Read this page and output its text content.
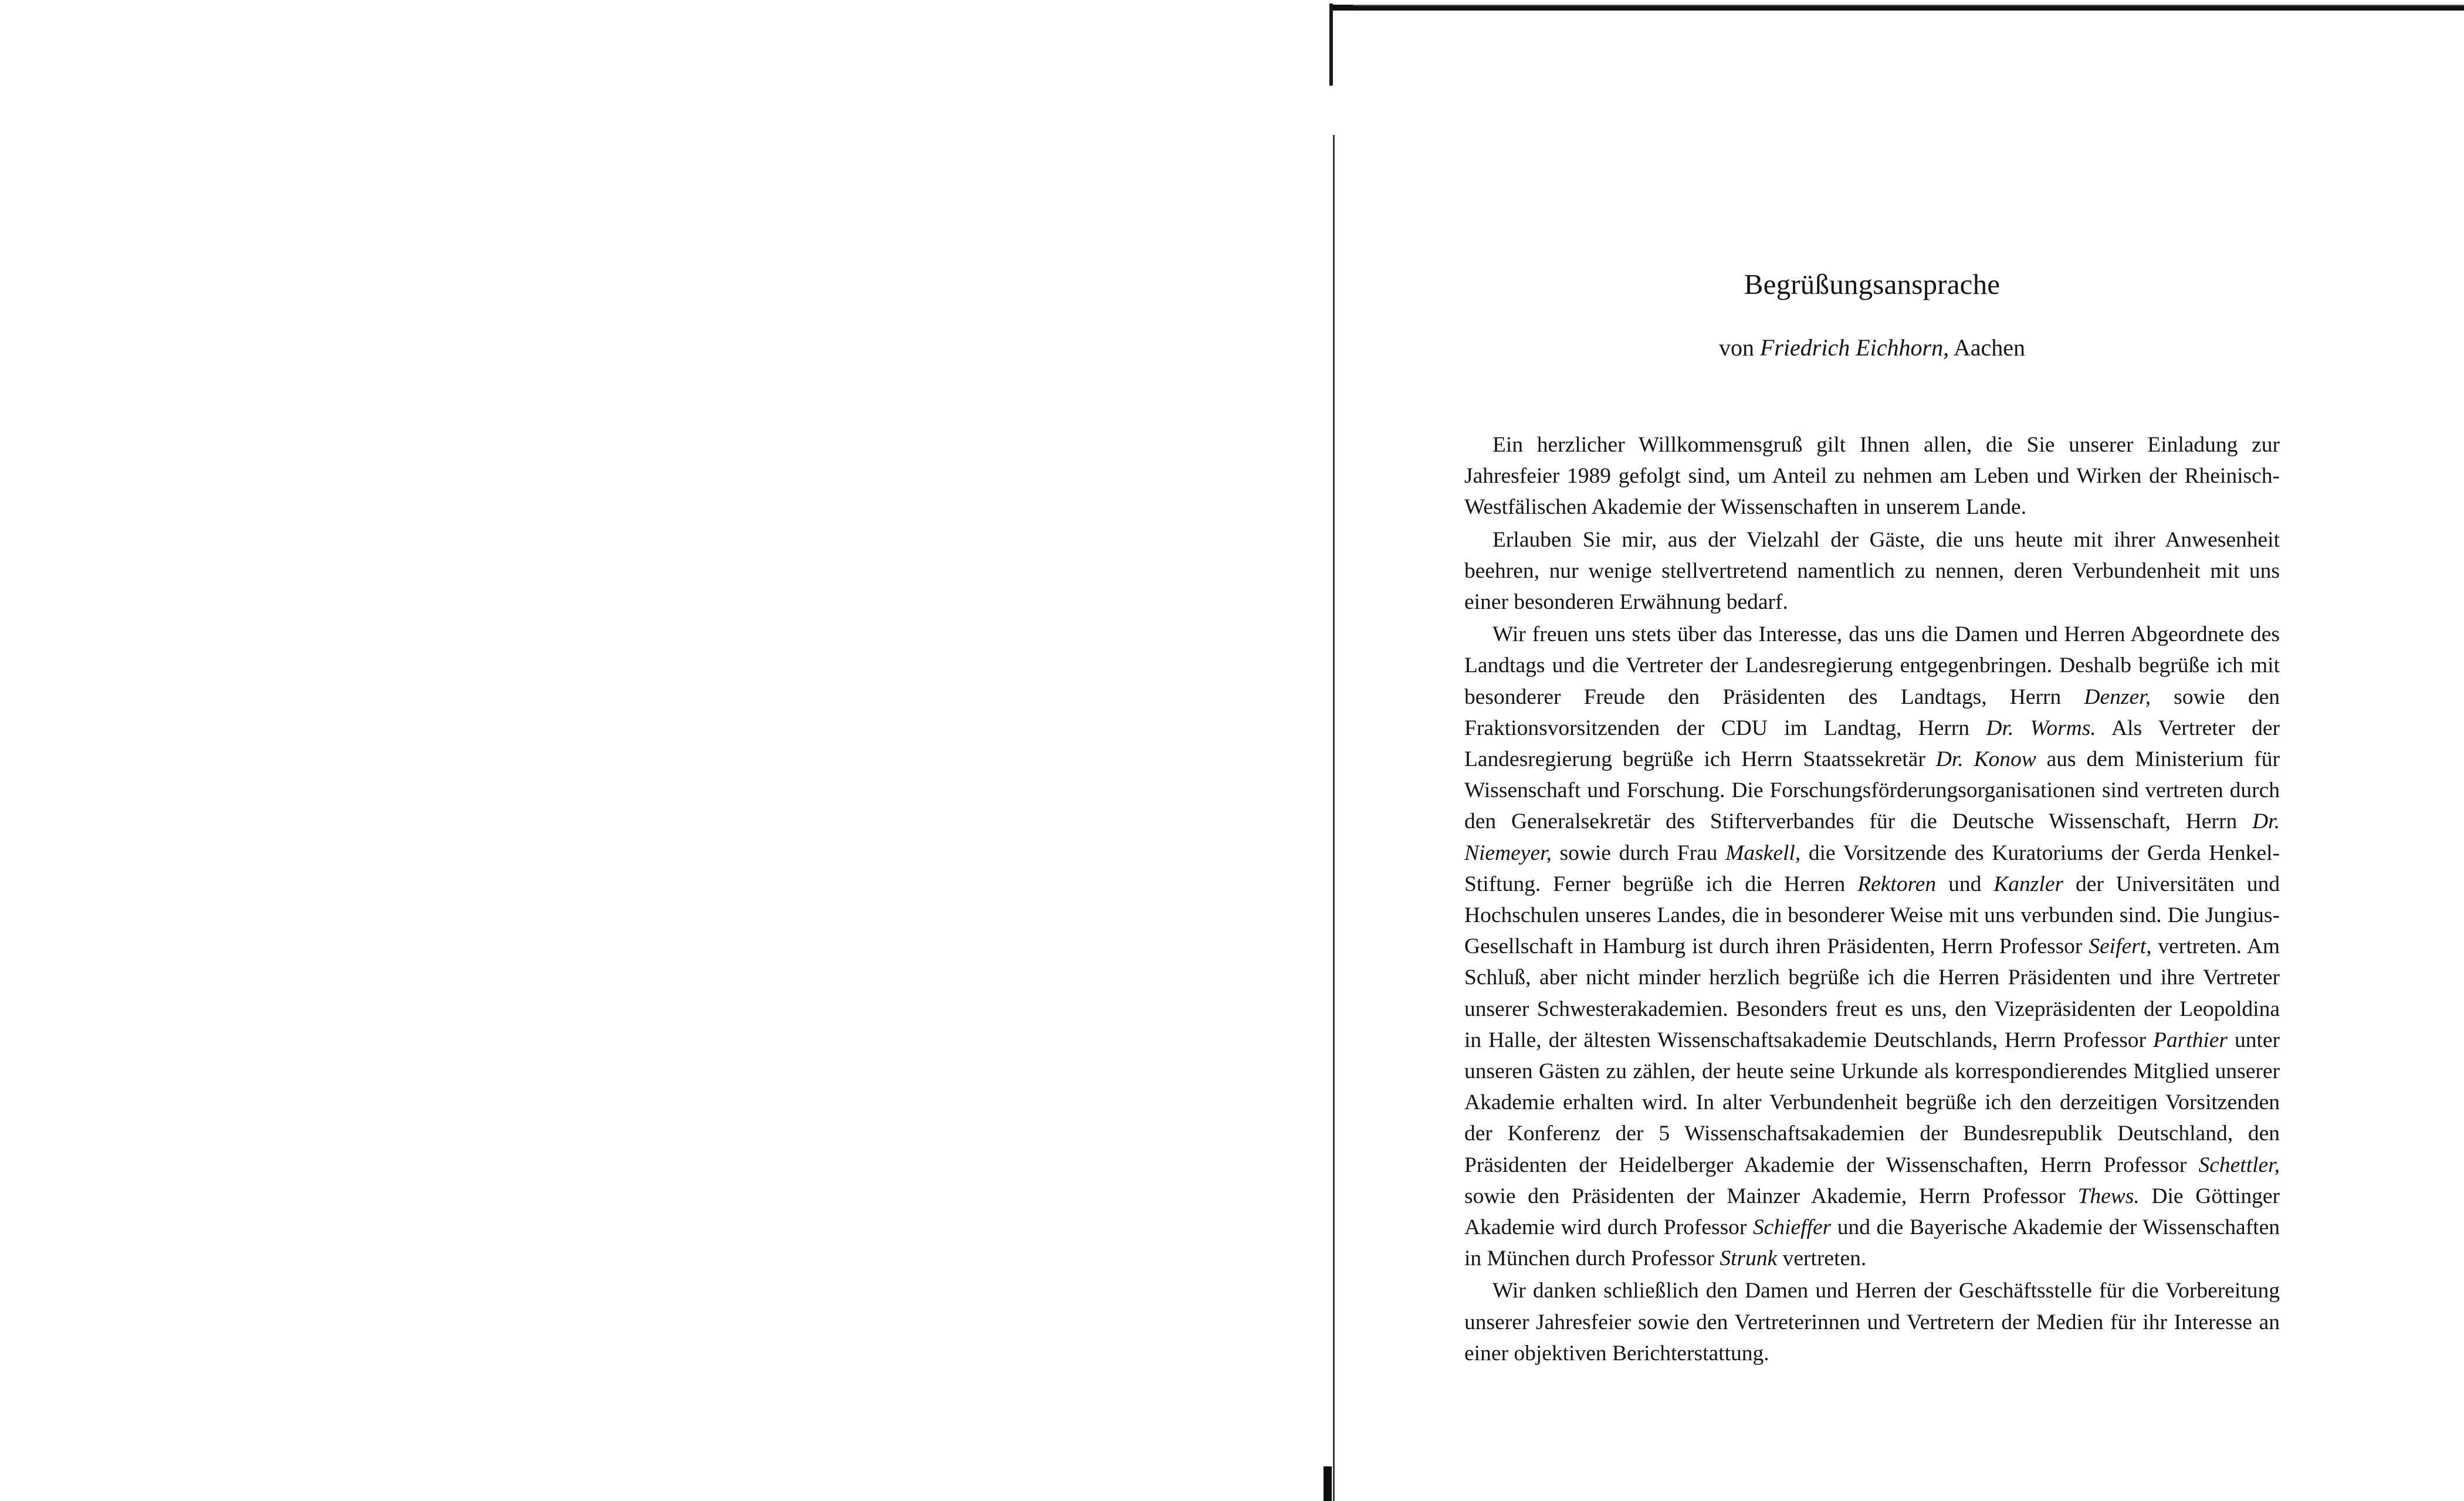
Begrüßungsansprache
von Friedrich Eichhorn, Aachen

Ein herzlicher Willkommensgruß gilt Ihnen allen, die Sie unserer Einladung zur Jahresfeier 1989 gefolgt sind, um Anteil zu nehmen am Leben und Wirken der Rheinisch-Westfälischen Akademie der Wissenschaften in unserem Lande.

Erlauben Sie mir, aus der Vielzahl der Gäste, die uns heute mit ihrer Anwesenheit beehren, nur wenige stellvertretend namentlich zu nennen, deren Verbundenheit mit uns einer besonderen Erwähnung bedarf.

Wir freuen uns stets über das Interesse, das uns die Damen und Herren Abgeordnete des Landtags und die Vertreter der Landesregierung entgegenbringen. Deshalb begrüße ich mit besonderer Freude den Präsidenten des Landtags, Herrn Denzer, sowie den Fraktionsvorsitzenden der CDU im Landtag, Herrn Dr. Worms. Als Vertreter der Landesregierung begrüße ich Herrn Staatssekretär Dr. Konow aus dem Ministerium für Wissenschaft und Forschung. Die Forschungsförderungsorganisationen sind vertreten durch den Generalsekretär des Stifterverbandes für die Deutsche Wissenschaft, Herrn Dr. Niemeyer, sowie durch Frau Maskell, die Vorsitzende des Kuratoriums der Gerda Henkel-Stiftung. Ferner begrüße ich die Herren Rektoren und Kanzler der Universitäten und Hochschulen unseres Landes, die in besonderer Weise mit uns verbunden sind. Die Jungius-Gesellschaft in Hamburg ist durch ihren Präsidenten, Herrn Professor Seifert, vertreten. Am Schluß, aber nicht minder herzlich begrüße ich die Herren Präsidenten und ihre Vertreter unserer Schwesterakademien. Besonders freut es uns, den Vizepräsidenten der Leopoldina in Halle, der ältesten Wissenschaftsakademie Deutschlands, Herrn Professor Parthier unter unseren Gästen zu zählen, der heute seine Urkunde als korrespondierendes Mitglied unserer Akademie erhalten wird. In alter Verbundenheit begrüße ich den derzeitigen Vorsitzenden der Konferenz der 5 Wissenschaftsakademien der Bundesrepublik Deutschland, den Präsidenten der Heidelberger Akademie der Wissenschaften, Herrn Professor Schettler, sowie den Präsidenten der Mainzer Akademie, Herrn Professor Thews. Die Göttinger Akademie wird durch Professor Schieffer und die Bayerische Akademie der Wissenschaften in München durch Professor Strunk vertreten.

Wir danken schließlich den Damen und Herren der Geschäftsstelle für die Vorbereitung unserer Jahresfeier sowie den Vertreterinnen und Vertretern der Medien für ihr Interesse an einer objektiven Berichterstattung.
